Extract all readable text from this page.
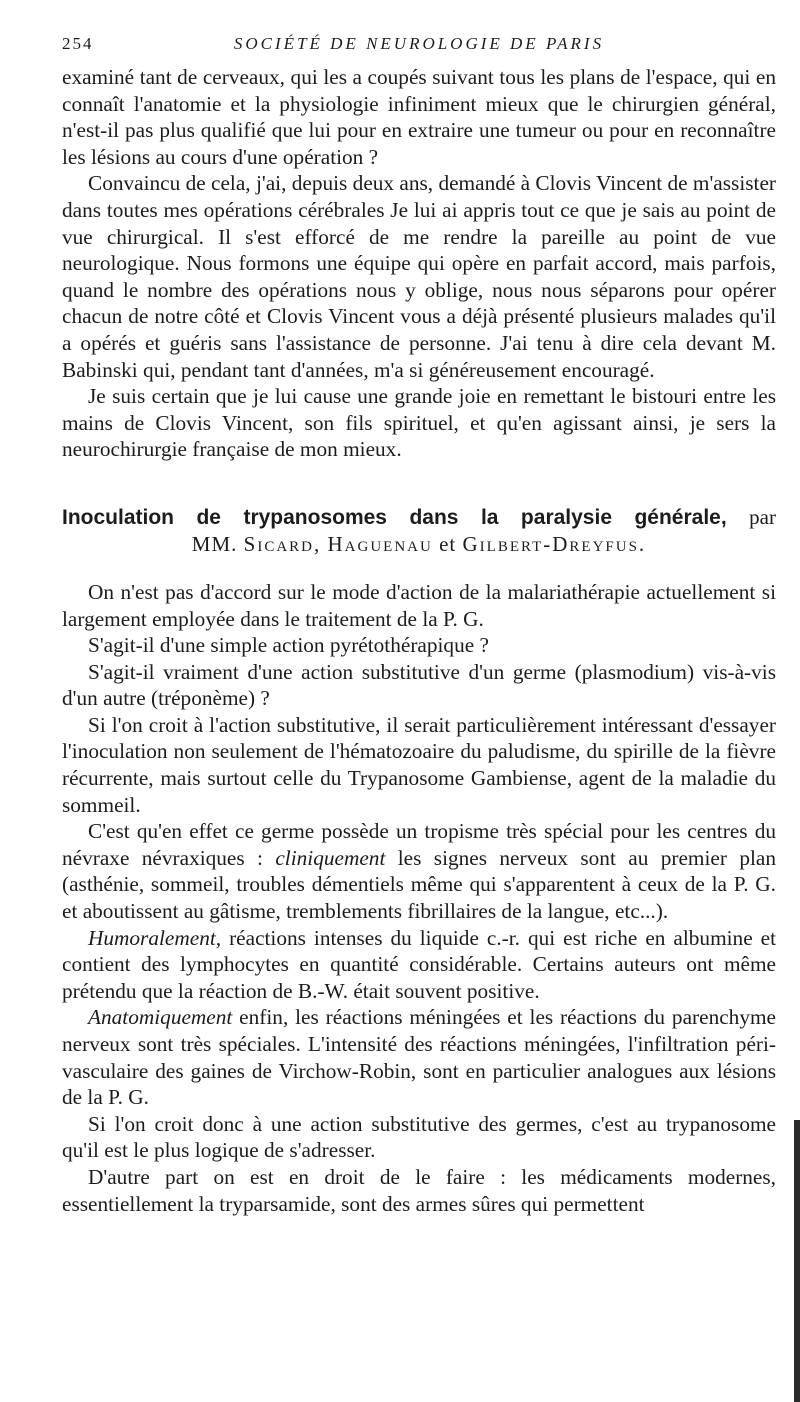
254	SOCIÉTÉ DE NEUROLOGIE DE PARIS

examiné tant de cerveaux, qui les a coupés suivant tous les plans de l'espace, qui en connaît l'anatomie et la physiologie infiniment mieux que le chirurgien général, n'est-il pas plus qualifié que lui pour en extraire une tumeur ou pour en reconnaître les lésions au cours d'une opération ?

Convaincu de cela, j'ai, depuis deux ans, demandé à Clovis Vincent de m'assister dans toutes mes opérations cérébrales Je lui ai appris tout ce que je sais au point de vue chirurgical. Il s'est efforcé de me rendre la pareille au point de vue neurologique. Nous formons une équipe qui opère en parfait accord, mais parfois, quand le nombre des opérations nous y oblige, nous nous séparons pour opérer chacun de notre côté et Clovis Vincent vous a déjà présenté plusieurs malades qu'il a opérés et guéris sans l'assistance de personne. J'ai tenu à dire cela devant M. Babinski qui, pendant tant d'années, m'a si généreusement encouragé.

Je suis certain que je lui cause une grande joie en remettant le bistouri entre les mains de Clovis Vincent, son fils spirituel, et qu'en agissant ainsi, je sers la neurochirurgie française de mon mieux.

Inoculation de trypanosomes dans la paralysie générale, par
MM. Sicard, Haguenau et Gilbert-Dreyfus.

On n'est pas d'accord sur le mode d'action de la malariathérapie actuellement si largement employée dans le traitement de la P. G.

S'agit-il d'une simple action pyrétothérapique ?

S'agit-il vraiment d'une action substitutive d'un germe (plasmodium) vis-à-vis d'un autre (tréponème) ?

Si l'on croit à l'action substitutive, il serait particulièrement intéressant d'essayer l'inoculation non seulement de l'hématozoaire du paludisme, du spirille de la fièvre récurrente, mais surtout celle du Trypanosome Gambiense, agent de la maladie du sommeil.

C'est qu'en effet ce germe possède un tropisme très spécial pour les centres du névraxe névraxiques : cliniquement les signes nerveux sont au premier plan (asthénie, sommeil, troubles démentiels même qui s'apparentent à ceux de la P. G. et aboutissent au gâtisme, tremblements fibrillaires de la langue, etc...).

Humoralement, réactions intenses du liquide c.-r. qui est riche en albumine et contient des lymphocytes en quantité considérable. Certains auteurs ont même prétendu que la réaction de B.-W. était souvent positive.

Anatomiquement enfin, les réactions méningées et les réactions du parenchyme nerveux sont très spéciales. L'intensité des réactions méningées, l'infiltration péri-vasculaire des gaines de Virchow-Robin, sont en particulier analogues aux lésions de la P. G.

Si l'on croit donc à une action substitutive des germes, c'est au trypanosome qu'il est le plus logique de s'adresser.

D'autre part on est en droit de le faire : les médicaments modernes, essentiellement la tryparsamide, sont des armes sûres qui permettent
